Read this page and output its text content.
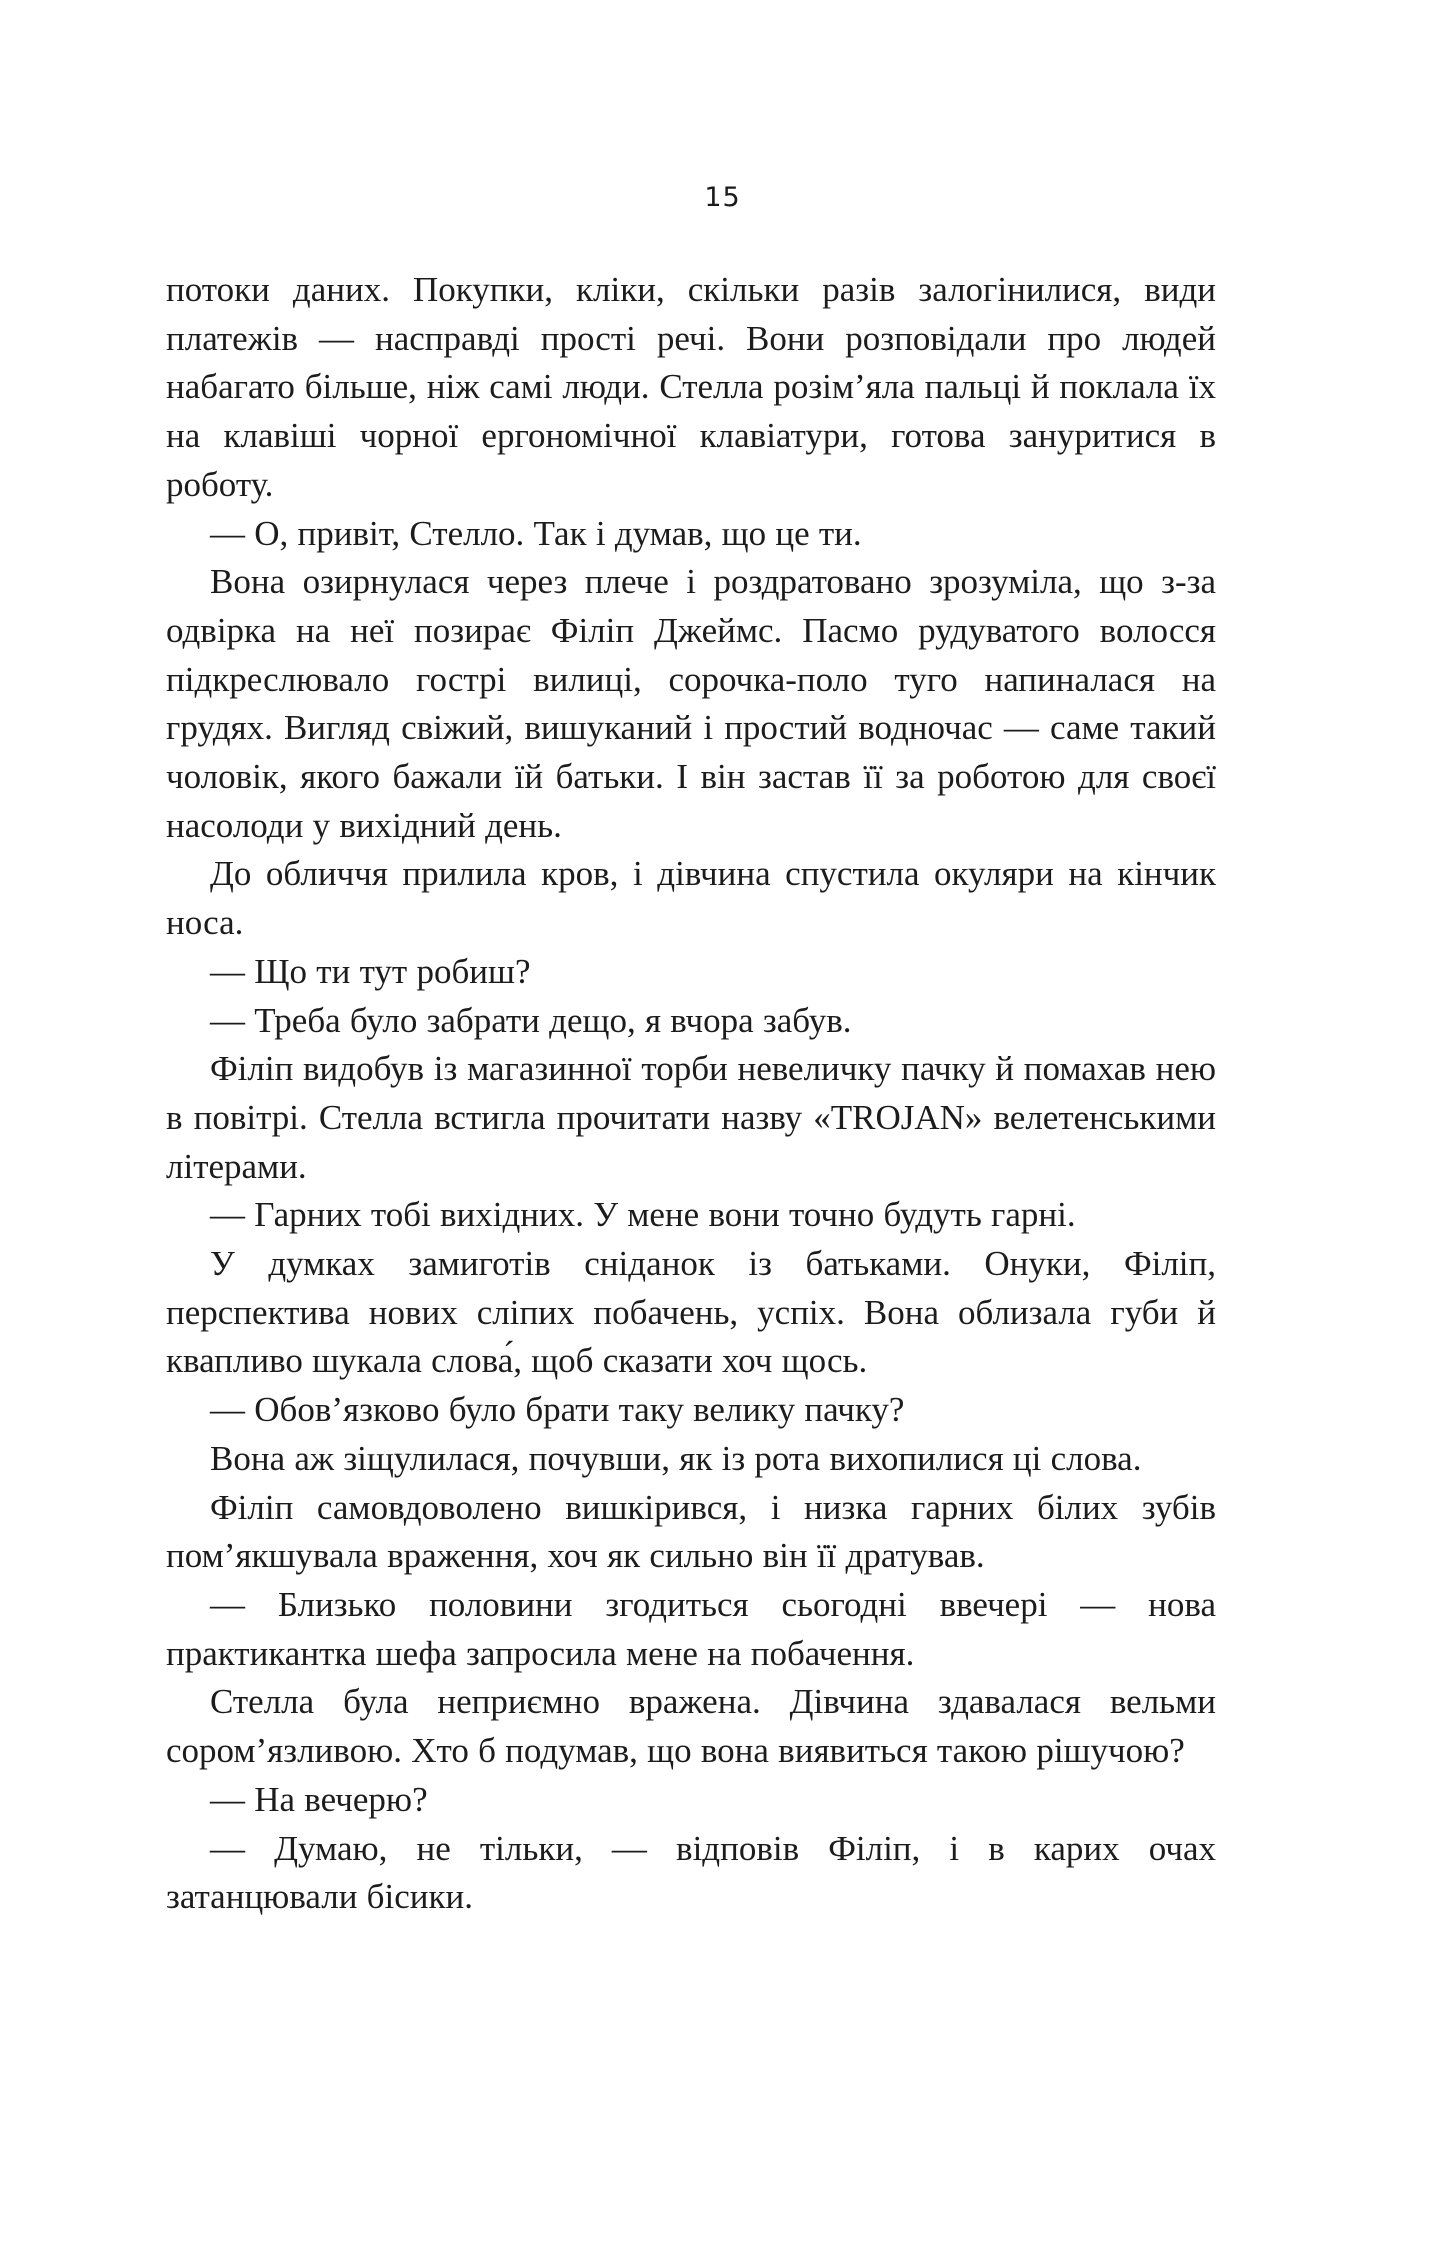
15

потоки даних. Покупки, кліки, скільки разів залогінилися, види платежів — насправді прості речі. Вони розповідали про людей набагато більше, ніж самі люди. Стелла розім’яла пальці й поклала їх на клавіші чорної ергономічної клавіатури, готова зануритися в роботу.

— О, привіт, Стелло. Так і думав, що це ти.

Вона озирнулася через плече і роздратовано зрозуміла, що з-за одвірка на неї позирає Філіп Джеймс. Пасмо рудуватого волосся підкреслювало гострі вилиці, сорочка-поло туго напиналася на грудях. Вигляд свіжий, вишуканий і простий водночас — саме такий чоловік, якого бажали їй батьки. І він застав її за роботою для своєї насолоди у вихідний день.

До обличчя прилила кров, і дівчина спустила окуляри на кінчик носа.

— Що ти тут робиш?

— Треба було забрати дещо, я вчора забув.

Філіп видобув із магазинної торби невеличку пачку й помахав нею в повітрі. Стелла встигла прочитати назву «TROJAN» велетенськими літерами.

— Гарних тобі вихідних. У мене вони точно будуть гарні.

У думках замиготів сніданок із батьками. Онуки, Філіп, перспектива нових сліпих побачень, успіх. Вона облизала губи й квапливо шукала слова́, щоб сказати хоч щось.

— Обов’язково було брати таку велику пачку?

Вона аж зіщулилася, почувши, як із рота вихопилися ці слова.

Філіп самовдоволено вишкірився, і низка гарних білих зубів пом’якшувала враження, хоч як сильно він її дратував.

— Близько половини згодиться сьогодні ввечері — нова практикантка шефа запросила мене на побачення.

Стелла була неприємно вражена. Дівчина здавалася вельми сором’язливою. Хто б подумав, що вона виявиться такою рішучою?

— На вечерю?

— Думаю, не тільки, — відповів Філіп, і в карих очах затанцювали бісики.
